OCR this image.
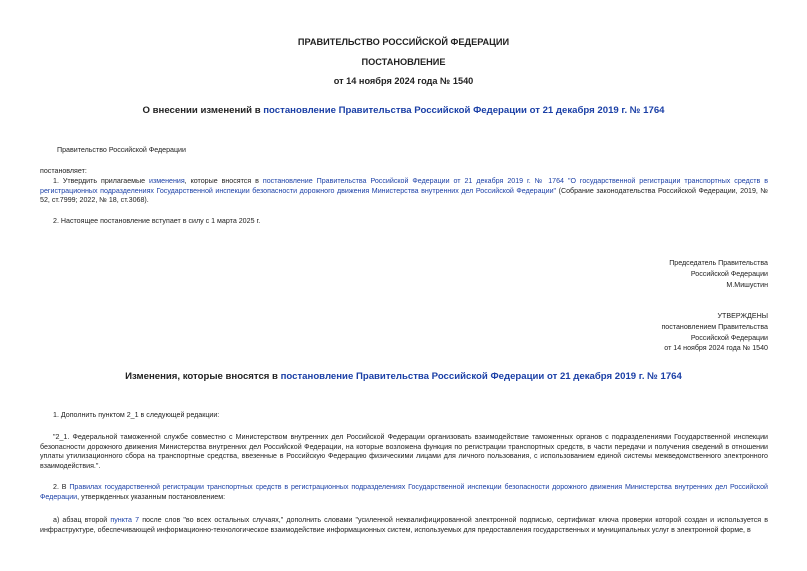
ПРАВИТЕЛЬСТВО РОССИЙСКОЙ ФЕДЕРАЦИИ
ПОСТАНОВЛЕНИЕ
от 14 ноября 2024 года № 1540
О внесении изменений в постановление Правительства Российской Федерации от 21 декабря 2019 г. № 1764
Правительство Российской Федерации
постановляет:
1. Утвердить прилагаемые изменения, которые вносятся в постановление Правительства Российской Федерации от 21 декабря 2019 г. № 1764 "О государственной регистрации транспортных средств в регистрационных подразделениях Государственной инспекции безопасности дорожного движения Министерства внутренних дел Российской Федерации" (Собрание законодательства Российской Федерации, 2019, № 52, ст.7999; 2022, № 18, ст.3068).
2. Настоящее постановление вступает в силу с 1 марта 2025 г.
Председатель Правительства
Российской Федерации
М.Мишустин
УТВЕРЖДЕНЫ
постановлением Правительства
Российской Федерации
от 14 ноября 2024 года № 1540
Изменения, которые вносятся в постановление Правительства Российской Федерации от 21 декабря 2019 г. № 1764
1. Дополнить пунктом 2_1 в следующей редакции:
"2_1. Федеральной таможенной службе совместно с Министерством внутренних дел Российской Федерации организовать взаимодействие таможенных органов с подразделениями Государственной инспекции безопасности дорожного движения Министерства внутренних дел Российской Федерации, на которые возложена функция по регистрации транспортных средств, в части передачи и получения сведений в отношении уплаты утилизационного сбора на транспортные средства, ввезенные в Российскую Федерацию физическими лицами для личного пользования, с использованием единой системы межведомственного электронного взаимодействия.".
2. В Правилах государственной регистрации транспортных средств в регистрационных подразделениях Государственной инспекции безопасности дорожного движения Министерства внутренних дел Российской Федерации, утвержденных указанным постановлением:
а) абзац второй пункта 7 после слов "во всех остальных случаях," дополнить словами "усиленной неквалифицированной электронной подписью, сертификат ключа проверки которой создан и используется в инфраструктуре, обеспечивающей информационно-технологическое взаимодействие информационных систем, используемых для предоставления государственных и муниципальных услуг в электронной форме, в
